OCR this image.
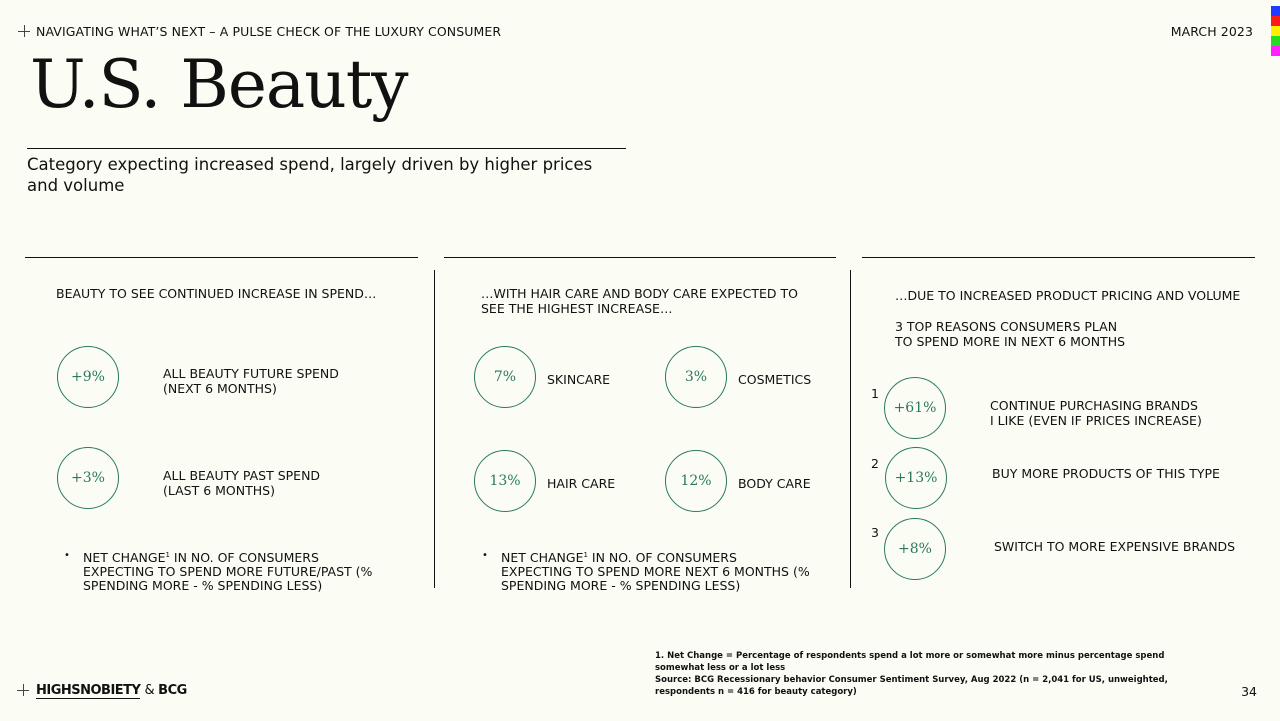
NAVIGATING WHAT’S NEXT – A PULSE CHECK OF THE LUXURY CONSUMER	MARCH 2023
U.S. Beauty
Category expecting increased spend, largely driven by higher prices and volume
BEAUTY TO SEE CONTINUED INCREASE IN SPEND…
+9%	ALL BEAUTY FUTURE SPEND
(NEXT 6 MONTHS)
+3%	ALL BEAUTY PAST SPEND
(LAST 6 MONTHS)
• NET CHANGE$^1$ IN NO. OF CONSUMERS EXPECTING TO SPEND MORE FUTURE/PAST (% SPENDING MORE - % SPENDING LESS)
…WITH HAIR CARE AND BODY CARE EXPECTED TO SEE THE HIGHEST INCREASE…
7% SKINCARE	3% COSMETICS
13% HAIR CARE	12% BODY CARE
• NET CHANGE$^1$ IN NO. OF CONSUMERS EXPECTING TO SPEND MORE NEXT 6 MONTHS (% SPENDING MORE - % SPENDING LESS)
…DUE TO INCREASED PRODUCT PRICING AND VOLUME
3 TOP REASONS CONSUMERS PLAN
TO SPEND MORE IN NEXT 6 MONTHS
1
+61%	CONTINUE PURCHASING BRANDS
I LIKE (EVEN IF PRICES INCREASE)
2
+13%	BUY MORE PRODUCTS OF THIS TYPE
3
+8%	SWITCH TO MORE EXPENSIVE BRANDS
1. Net Change = Percentage of respondents spend a lot more or somewhat more minus percentage spend somewhat less or a lot less
Source: BCG Recessionary behavior Consumer Sentiment Survey, Aug 2022 (n = 2,041 for US, unweighted, respondents n = 416 for beauty category)
HIGHSNOBIETY & BCG	34
